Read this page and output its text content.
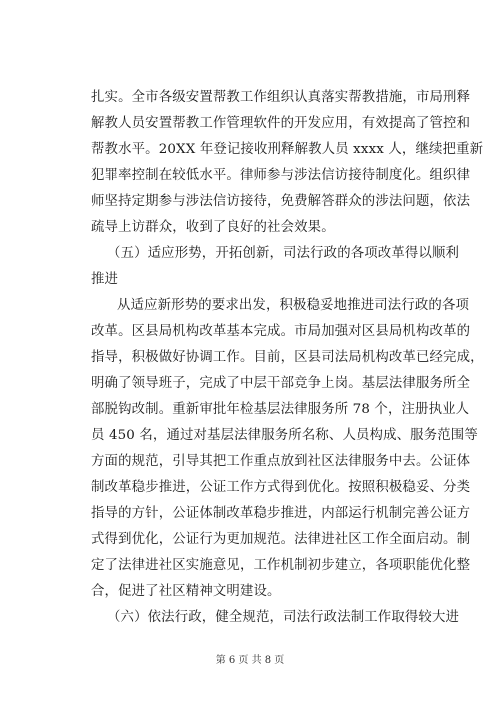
扎实。全市各级安置帮教工作组织认真落实帮教措施，市局刑释
解教人员安置帮教工作管理软件的开发应用，有效提高了管控和
帮教水平。20XX 年登记接收刑释解教人员 xxxx 人，继续把重新
犯罪率控制在较低水平。律师参与涉法信访接待制度化。组织律
师坚持定期参与涉法信访接待，免费解答群众的涉法问题，依法
疏导上访群众，收到了良好的社会效果。
（五）适应形势，开拓创新，司法行政的各项改革得以顺利
推进
从适应新形势的要求出发，积极稳妥地推进司法行政的各项
改革。区县局机构改革基本完成。市局加强对区县局机构改革的
指导，积极做好协调工作。目前，区县司法局机构改革已经完成，
明确了领导班子，完成了中层干部竞争上岗。基层法律服务所全
部脱钩改制。重新审批年检基层法律服务所 78 个，注册执业人
员 450 名，通过对基层法律服务所名称、人员构成、服务范围等
方面的规范，引导其把工作重点放到社区法律服务中去。公证体
制改革稳步推进，公证工作方式得到优化。按照积极稳妥、分类
指导的方针，公证体制改革稳步推进，内部运行机制完善公证方
式得到优化，公证行为更加规范。法律进社区工作全面启动。制
定了法律进社区实施意见，工作机制初步建立，各项职能优化整
合，促进了社区精神文明建设。
（六）依法行政，健全规范，司法行政法制工作取得较大进
第 6 页 共 8 页
